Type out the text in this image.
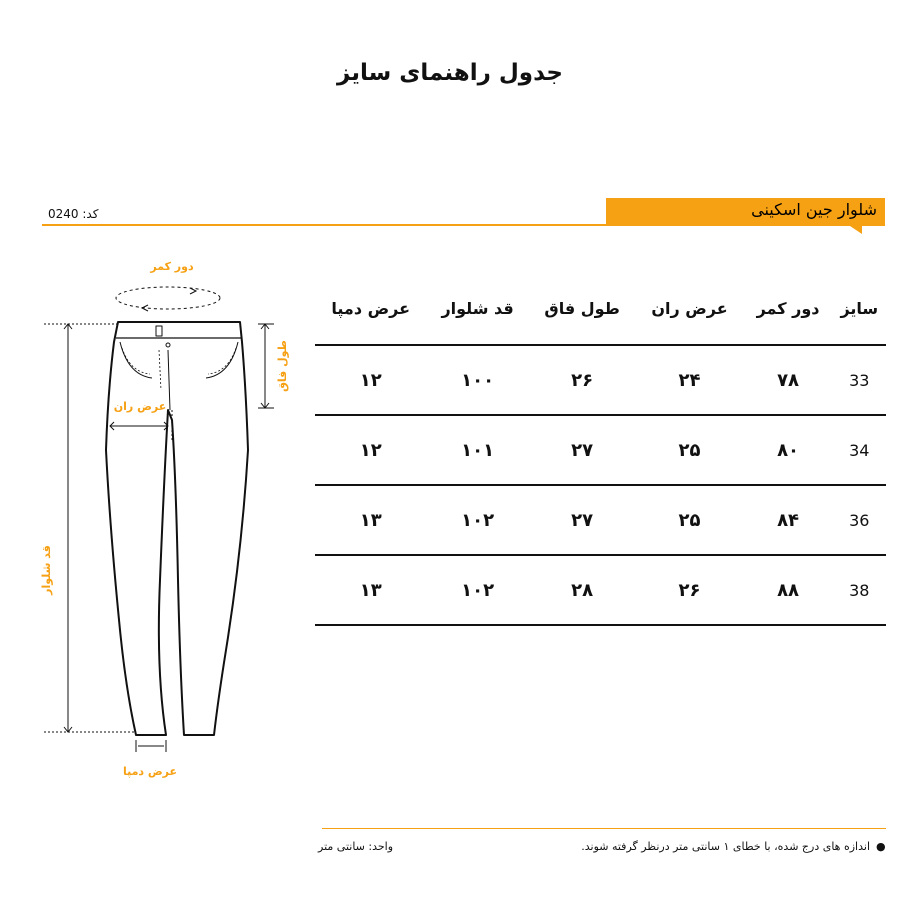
جدول راهنمای سایز
کد: 0240	شلوار جین اسکینی
دور کمر
عرض ران
طول فاق
قد شلوار
عرض دمپا
سایز	دور کمر	عرض ران	طول فاق	قد شلوار	عرض دمپا
33	۷۸	۲۴	۲۶	۱۰۰	۱۲
34	۸۰	۲۵	۲۷	۱۰۱	۱۲
36	۸۴	۲۵	۲۷	۱۰۲	۱۳
38	۸۸	۲۶	۲۸	۱۰۲	۱۳
●
اندازه های درج شده، با خطای ۱ سانتی متر درنظر گرفته شوند.
واحد: سانتی متر
